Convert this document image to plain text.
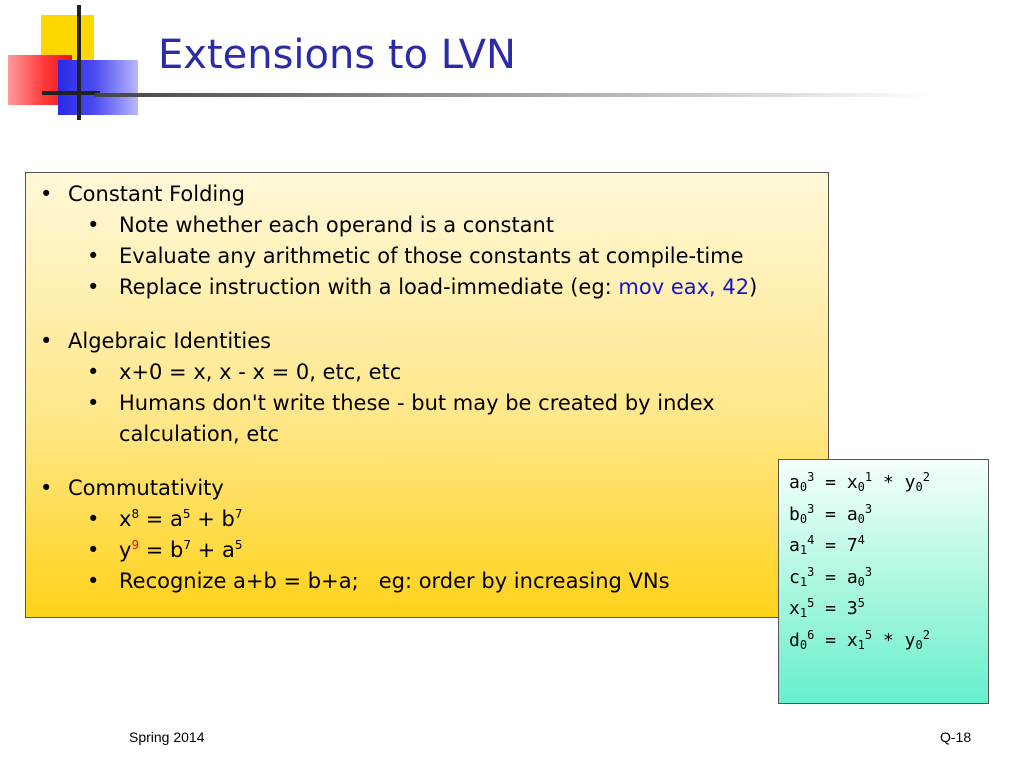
Extensions to LVN
• Constant Folding
• Note whether each operand is a constant
• Evaluate any arithmetic of those constants at compile-time
• Replace instruction with a load-immediate (eg: mov eax, 42)
• Algebraic Identities
• x+0 = x, x - x = 0, etc, etc
• Humans don't write these - but may be created by index
calculation, etc
• Commutativity
• $x^8 = a^5 + b^7$
• $y^9 = b^7 + a^5$
• Recognize a+b = b+a;   eg: order by increasing VNs
$a_0^3 = x_0^1 * y_0^2$
$b_0^3 = a_0^3$
$a_1^4 = 7^4$
$c_1^3 = a_0^3$
$x_1^5 = 3^5$
$d_0^6 = x_1^5 * y_0^2$
Spring 2014	Q-18
